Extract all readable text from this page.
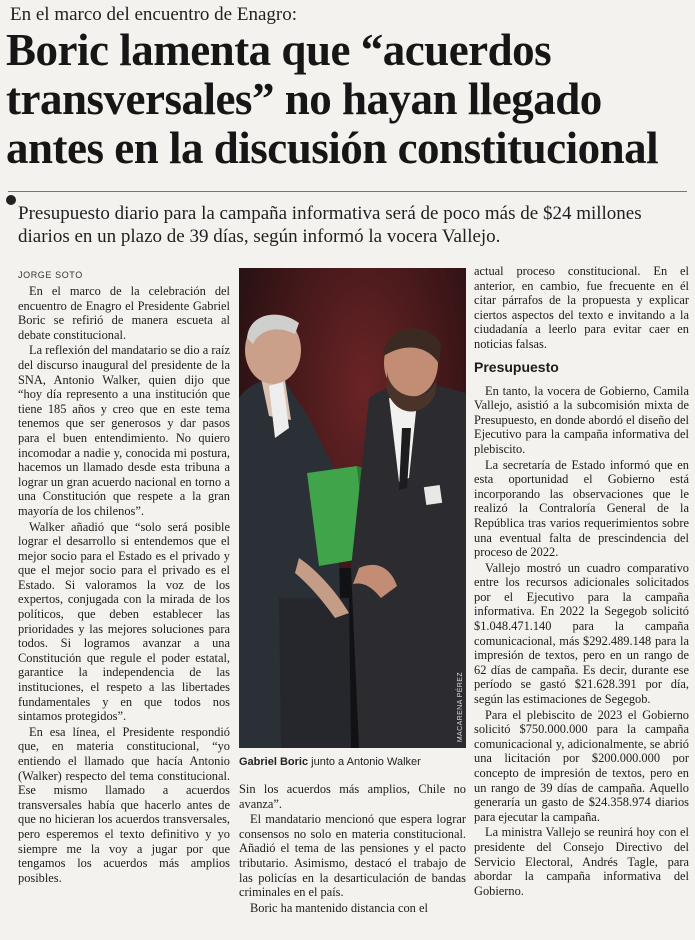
En el marco del encuentro de Enagro:
Boric lamenta que “acuerdos transversales” no hayan llegado antes en la discusión constitucional
Presupuesto diario para la campaña informativa será de poco más de $24 millones diarios en un plazo de 39 días, según informó la vocera Vallejo.
JORGE SOTO

En el marco de la celebración del encuentro de Enagro el Presidente Gabriel Boric se refirió de manera escueta al debate constitucional.

La reflexión del mandatario se dio a raíz del discurso inaugural del presidente de la SNA, Antonio Walker, quien dijo que “hoy día represento a una institución que tiene 185 años y creo que en este tema tenemos que ser generosos y dar pasos para el buen entendimiento. No quiero incomodar a nadie y, conocida mi postura, hacemos un llamado desde esta tribuna a lograr un gran acuerdo nacional en torno a una Constitución que respete a la gran mayoría de los chilenos”.

Walker añadió que “solo será posible lograr el desarrollo si entendemos que el mejor socio para el Estado es el privado y que el mejor socio para el privado es el Estado. Si valoramos la voz de los expertos, conjugada con la mirada de los políticos, que deben establecer las prioridades y las mejores soluciones para todos. Si logramos avanzar a una Constitución que regule el poder estatal, garantice la independencia de las instituciones, el respeto a las libertades fundamentales y en que todos nos sintamos protegidos”.

En esa línea, el Presidente respondió que, en materia constitucional, “yo entiendo el llamado que hacía Antonio (Walker) respecto del tema constitucional. Ese mismo llamado a acuerdos transversales había que hacerlo antes de que no hicieran los acuerdos transversales, pero esperemos el texto definitivo y yo siempre me la voy a jugar por que tengamos los acuerdos más amplios posibles.

MACARENA PÉREZ
Gabriel Boric junto a Antonio Walker

Sin los acuerdos más amplios, Chile no avanza”.

El mandatario mencionó que espera lograr consensos no solo en materia constitucional. Añadió el tema de las pensiones y el pacto tributario. Asimismo, destacó el trabajo de las policías en la desarticulación de bandas criminales en el país.

Boric ha mantenido distancia con el

actual proceso constitucional. En el anterior, en cambio, fue frecuente en él citar párrafos de la propuesta y explicar ciertos aspectos del texto e invitando a la ciudadanía a leerlo para evitar caer en noticias falsas.

Presupuesto

En tanto, la vocera de Gobierno, Camila Vallejo, asistió a la subcomisión mixta de Presupuesto, en donde abordó el diseño del Ejecutivo para la campaña informativa del plebiscito.

La secretaría de Estado informó que en esta oportunidad el Gobierno está incorporando las observaciones que le realizó la Contraloría General de la República tras varios requerimientos sobre una eventual falta de prescindencia del proceso de 2022.

Vallejo mostró un cuadro comparativo entre los recursos adicionales solicitados por el Ejecutivo para la campaña informativa. En 2022 la Segegob solicitó $1.048.471.140 para la campaña comunicacional, más $292.489.148 para la impresión de textos, pero en un rango de 62 días de campaña. Es decir, durante ese período se gastó $21.628.391 por día, según las estimaciones de Segegob.

Para el plebiscito de 2023 el Gobierno solicitó $750.000.000 para la campaña comunicacional y, adicionalmente, se abrió una licitación por $200.000.000 por concepto de impresión de textos, pero en un rango de 39 días de campaña. Aquello generaría un gasto de $24.358.974 diarios para ejecutar la campaña.

La ministra Vallejo se reunirá hoy con el presidente del Consejo Directivo del Servicio Electoral, Andrés Tagle, para abordar la campaña informativa del Gobierno.
